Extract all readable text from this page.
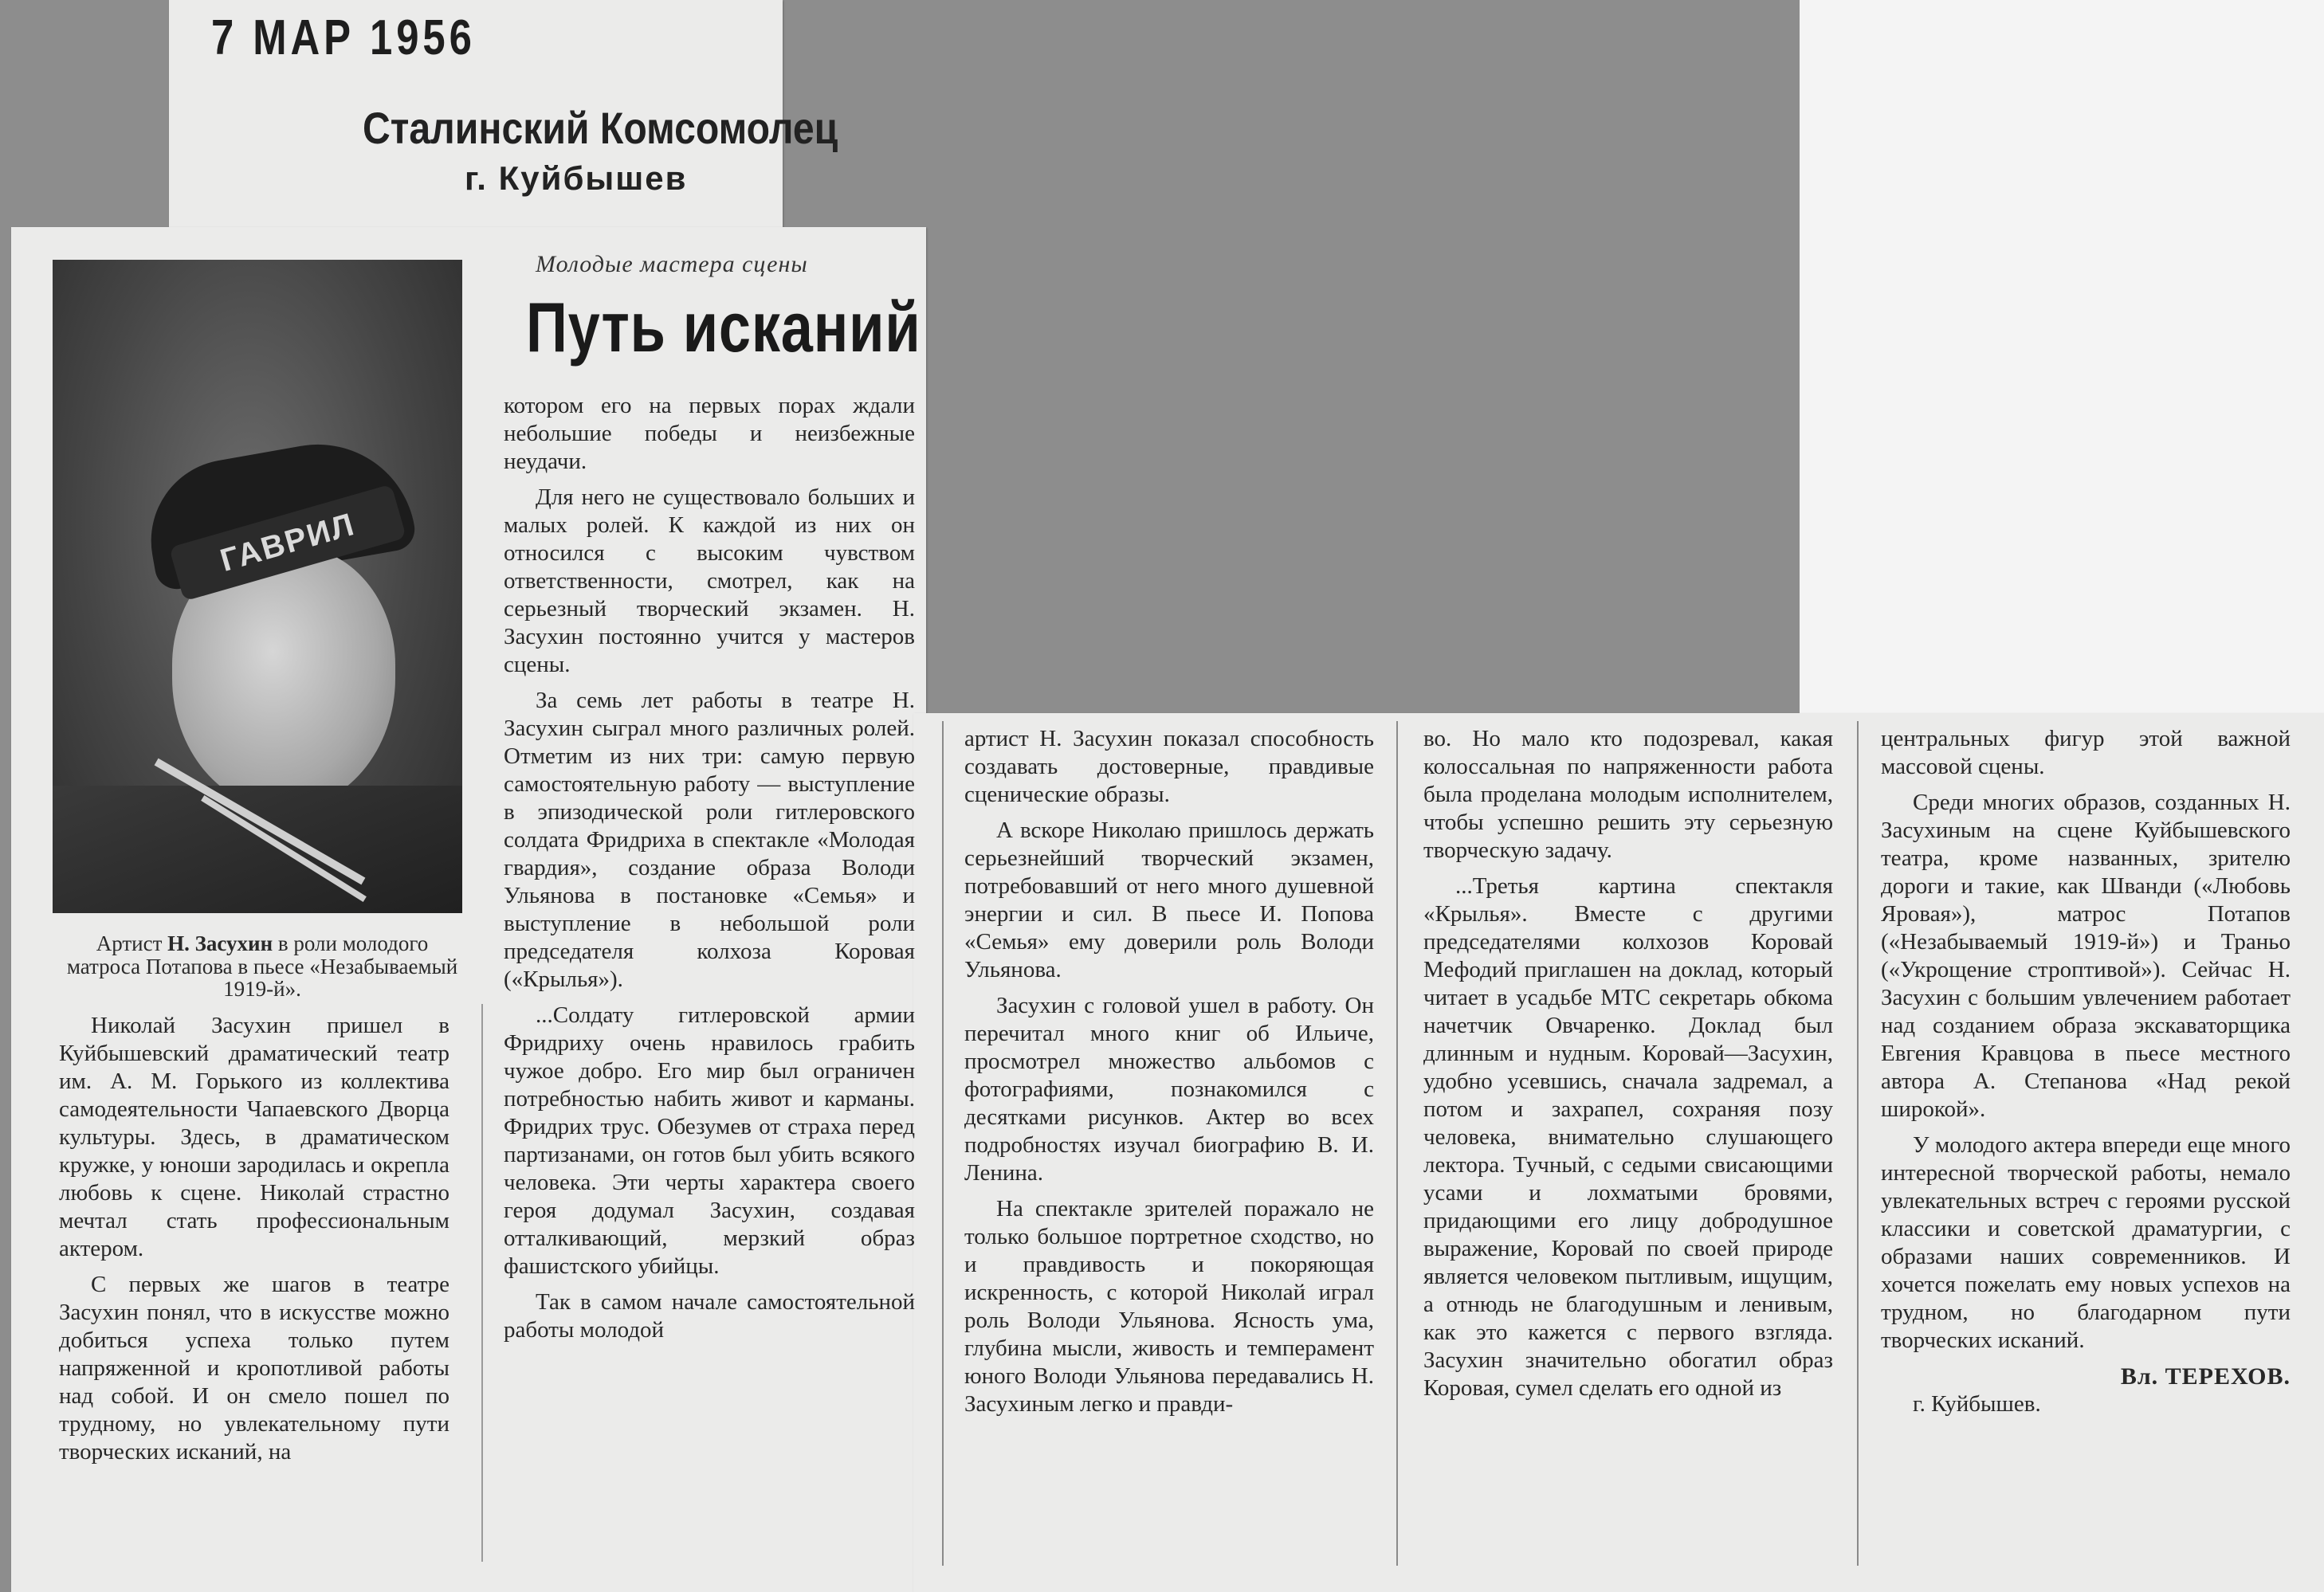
7 МАР 1956
Сталинский Комсомолец
г. Куйбышев
ГАВРИЛ
Артист Н. Засухин в роли молодого матроса Потапова в пьесе «Незабываемый 1919-й».
Молодые мастера сцены
Путь исканий

Николай Засухин пришел в Куйбышевский драматический театр им. А. М. Горького из коллектива самодеятельности Чапаевского Дворца культуры. Здесь, в драматическом кружке, у юноши зародилась и окрепла любовь к сцене. Николай страстно мечтал стать профессиональным актером.

С первых же шагов в театре Засухин понял, что в искусстве можно добиться успеха только путем напряженной и кропотливой работы над собой. И он смело пошел по трудному, но увлекательному пути творческих исканий, на

котором его на первых порах ждали небольшие победы и неизбежные неудачи.

Для него не существовало больших и малых ролей. К каждой из них он относился с высоким чувством ответственности, смотрел, как на серьезный творческий экзамен. Н. Засухин постоянно учится у мастеров сцены.

За семь лет работы в театре Н. Засухин сыграл много различных ролей. Отметим из них три: самую первую самостоятельную работу — выступление в эпизодической роли гитлеровского солдата Фридриха в спектакле «Молодая гвардия», создание образа Володи Ульянова в постановке «Семья» и выступление в небольшой роли председателя колхоза Коровая («Крылья»).

...Солдату гитлеровской армии Фридриху очень нравилось грабить чужое добро. Его мир был ограничен потребностью набить живот и карманы. Фридрих трус. Обезумев от страха перед партизанами, он готов был убить всякого человека. Эти черты характера своего героя додумал Засухин, создавая отталкивающий, мерзкий образ фашистского убийцы.

Так в самом начале самостоятельной работы молодой

артист Н. Засухин показал способность создавать достоверные, правдивые сценические образы.

А вскоре Николаю пришлось держать серьезнейший творческий экзамен, потребовавший от него много душевной энергии и сил. В пьесе И. Попова «Семья» ему доверили роль Володи Ульянова.

Засухин с головой ушел в работу. Он перечитал много книг об Ильиче, просмотрел множество альбомов с фотографиями, познакомился с десятками рисунков. Актер во всех подробностях изучал биографию В. И. Ленина.

На спектакле зрителей поражало не только большое портретное сходство, но и правдивость и покоряющая искренность, с которой Николай играл роль Володи Ульянова. Ясность ума, глубина мысли, живость и темперамент юного Володи Ульянова передавались Н. Засухиным легко и правди-

во. Но мало кто подозревал, какая колоссальная по напряженности работа была проделана молодым исполнителем, чтобы успешно решить эту серьезную творческую задачу.

...Третья картина спектакля «Крылья». Вместе с другими председателями колхозов Коровай Мефодий приглашен на доклад, который читает в усадьбе МТС секретарь обкома начетчик Овчаренко. Доклад был длинным и нудным. Коровай—Засухин, удобно усевшись, сначала задремал, а потом и захрапел, сохраняя позу человека, внимательно слушающего лектора. Тучный, с седыми свисающими усами и лохматыми бровями, придающими его лицу добродушное выражение, Коровай по своей природе является человеком пытливым, ищущим, а отнюдь не благодушным и ленивым, как это кажется с первого взгляда. Засухин значительно обогатил образ Коровая, сумел сделать его одной из

центральных фигур этой важной массовой сцены.

Среди многих образов, созданных Н. Засухиным на сцене Куйбышевского театра, кроме названных, зрителю дороги и такие, как Шванди («Любовь Яровая»), матрос Потапов («Незабываемый 1919-й») и Траньо («Укрощение строптивой»). Сейчас Н. Засухин с большим увлечением работает над созданием образа экскаваторщика Евгения Кравцова в пьесе местного автора А. Степанова «Над рекой широкой».

У молодого актера впереди еще много интересной творческой работы, немало увлекательных встреч с героями русской классики и советской драматургии, с образами наших современников. И хочется пожелать ему новых успехов на трудном, но благодарном пути творческих исканий.

Вл. ТЕРЕХОВ.
г. Куйбышев.
